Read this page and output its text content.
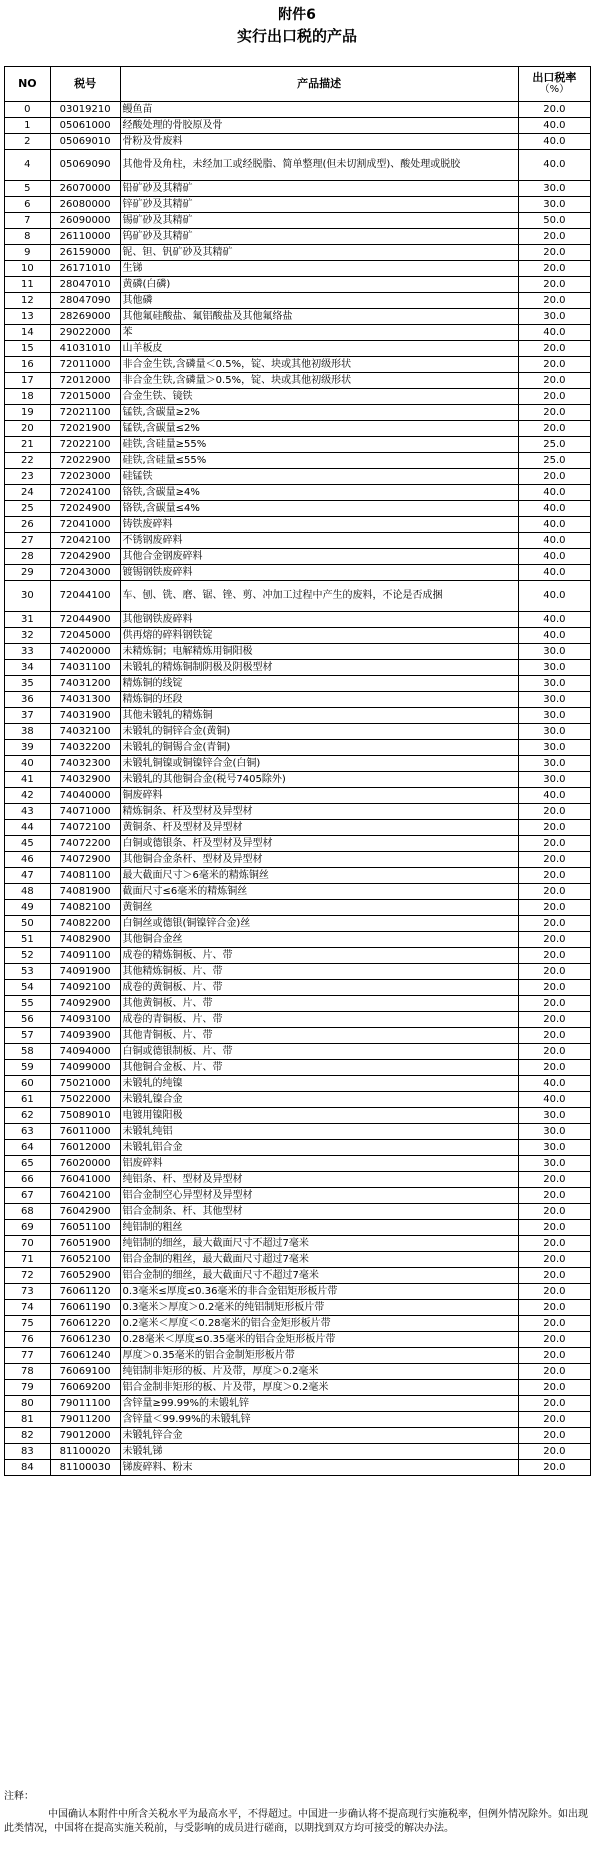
附件6
实行出口税的产品
NO	税号	产品描述	出口税率
（%）

0	03019210	鳗鱼苗	20.0
1	05061000	经酸处理的骨胶原及骨	40.0
2	05069010	骨粉及骨废料	40.0
4	05069090	其他骨及角柱，未经加工或经脱脂、简单整理(但未切割成型)、酸处理或脱胶	40.0
5	26070000	铅矿砂及其精矿	30.0
6	26080000	锌矿砂及其精矿	30.0
7	26090000	锡矿砂及其精矿	50.0
8	26110000	钨矿砂及其精矿	20.0
9	26159000	铌、钽、钒矿砂及其精矿	20.0
10	26171010	生锑	20.0
11	28047010	黄磷(白磷)	20.0
12	28047090	其他磷	20.0
13	28269000	其他氟硅酸盐、氟铝酸盐及其他氟络盐	30.0
14	29022000	苯	40.0
15	41031010	山羊板皮	20.0
16	72011000	非合金生铁,含磷量＜0.5%，锭、块或其他初级形状	20.0
17	72012000	非合金生铁,含磷量＞0.5%，锭、块或其他初级形状	20.0
18	72015000	合金生铁、镜铁	20.0
19	72021100	锰铁,含碳量≥2%	20.0
20	72021900	锰铁,含碳量≤2%	20.0
21	72022100	硅铁,含硅量≥55%	25.0
22	72022900	硅铁,含硅量≤55%	25.0
23	72023000	硅锰铁	20.0
24	72024100	铬铁,含碳量≥4%	40.0
25	72024900	铬铁,含碳量≤4%	40.0
26	72041000	铸铁废碎料	40.0
27	72042100	不锈钢废碎料	40.0
28	72042900	其他合金钢废碎料	40.0
29	72043000	镀锡钢铁废碎料	40.0
30	72044100	车、刨、铣、磨、锯、锉、剪、冲加工过程中产生的废料，不论是否成捆	40.0
31	72044900	其他钢铁废碎料	40.0
32	72045000	供再熔的碎料钢铁锭	40.0
33	74020000	未精炼铜；电解精炼用铜阳极	30.0
34	74031100	未锻轧的精炼铜制阴极及阴极型材	30.0
35	74031200	精炼铜的线锭	30.0
36	74031300	精炼铜的坯段	30.0
37	74031900	其他未锻轧的精炼铜	30.0
38	74032100	未锻轧的铜锌合金(黄铜)	30.0
39	74032200	未锻轧的铜锡合金(青铜)	30.0
40	74032300	未锻轧铜镍或铜镍锌合金(白铜)	30.0
41	74032900	未锻轧的其他铜合金(税号7405除外)	30.0
42	74040000	铜废碎料	40.0
43	74071000	精炼铜条、杆及型材及异型材	20.0
44	74072100	黄铜条、杆及型材及异型材	20.0
45	74072200	白铜或德银条、杆及型材及异型材	20.0
46	74072900	其他铜合金条杆、型材及异型材	20.0
47	74081100	最大截面尺寸＞6毫米的精炼铜丝	20.0
48	74081900	截面尺寸≤6毫米的精炼铜丝	20.0
49	74082100	黄铜丝	20.0
50	74082200	白铜丝或德银(铜镍锌合金)丝	20.0
51	74082900	其他铜合金丝	20.0
52	74091100	成卷的精炼铜板、片、带	20.0
53	74091900	其他精炼铜板、片、带	20.0
54	74092100	成卷的黄铜板、片、带	20.0
55	74092900	其他黄铜板、片、带	20.0
56	74093100	成卷的青铜板、片、带	20.0
57	74093900	其他青铜板、片、带	20.0
58	74094000	白铜或德银制板、片、带	20.0
59	74099000	其他铜合金板、片、带	20.0
60	75021000	未锻轧的纯镍	40.0
61	75022000	未锻轧镍合金	40.0
62	75089010	电镀用镍阳极	30.0
63	76011000	未锻轧纯铝	30.0
64	76012000	未锻轧铝合金	30.0
65	76020000	铝废碎料	30.0
66	76041000	纯铝条、杆、型材及异型材	20.0
67	76042100	铝合金制空心异型材及异型材	20.0
68	76042900	铝合金制条、杆、其他型材	20.0
69	76051100	纯铝制的粗丝	20.0
70	76051900	纯铝制的细丝，最大截面尺寸不超过7毫米	20.0
71	76052100	铝合金制的粗丝，最大截面尺寸超过7毫米	20.0
72	76052900	铝合金制的细丝，最大截面尺寸不超过7毫米	20.0
73	76061120	0.3毫米≤厚度≤0.36毫米的非合金铝矩形板片带	20.0
74	76061190	0.3毫米＞厚度＞0.2毫米的纯铝制矩形板片带	20.0
75	76061220	0.2毫米＜厚度＜0.28毫米的铝合金矩形板片带	20.0
76	76061230	0.28毫米＜厚度≤0.35毫米的铝合金矩形板片带	20.0
77	76061240	厚度＞0.35毫米的铝合金制矩形板片带	20.0
78	76069100	纯铝制非矩形的板、片及带，厚度＞0.2毫米	20.0
79	76069200	铝合金制非矩形的板、片及带，厚度＞0.2毫米	20.0
80	79011100	含锌量≥99.99%的未锻轧锌	20.0
81	79011200	含锌量＜99.99%的未锻轧锌	20.0
82	79012000	未锻轧锌合金	20.0
83	81100020	未锻轧锑	20.0
84	81100030	锑废碎料、粉末	20.0
注释：
中国确认本附件中所含关税水平为最高水平，不得超过。中国进一步确认将不提高现行实施税率，但例外情况除外。如出现此类情况，中国将在提高实施关税前，与受影响的成员进行磋商，以期找到双方均可接受的解决办法。
